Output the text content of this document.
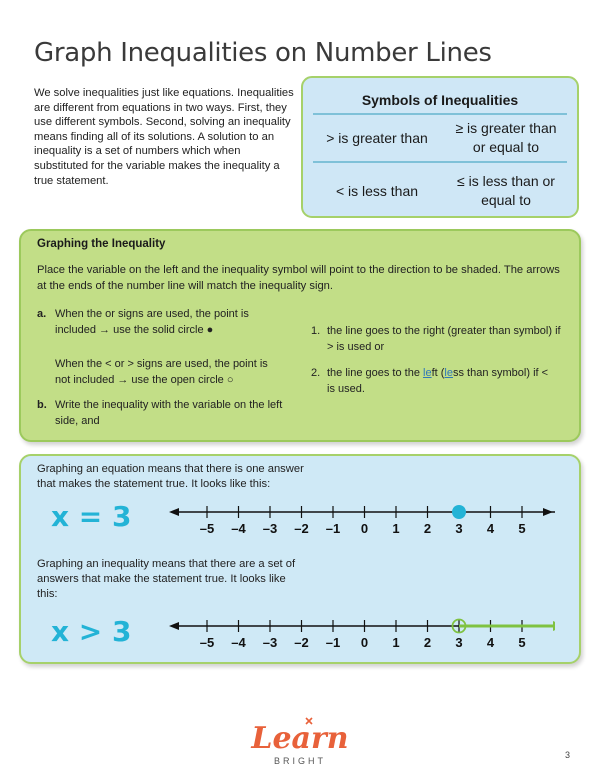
Graph Inequalities on Number Lines
We solve inequalities just like equations. Inequalities are different from equations in two ways. First, they use different symbols. Second, solving an inequality means finding all of its solutions. A solution to an inequality is a set of numbers which when substituted for the variable makes the inequality a true statement.
Symbols of Inequalities
> is greater than
≥ is greater than
or equal to
< is less than
≤ is less than or
equal to
Graphing the Inequality
Place the variable on the left and the inequality symbol will point to the direction to be shaded. The arrows at the ends of the number line will match the inequality sign.
a. When the or signs are used, the point is
included → use the solid circle ●
When the < or > signs are used, the point is
not included → use the open circle ○
b. Write the inequality with the variable on the left
side, and
1. the line goes to the right (greater than symbol) if
> is used or
2. the line goes to the left (less than symbol) if <
is used.
Graphing an equation means that there is one answer that makes the statement true. It looks like this:
x = 3	–5 –4 –3 –2 –1 0 1 2 3 4 5
Graphing an inequality means that there are a set of answers that make the statement true. It looks like this:
x > 3	–5 –4 –3 –2 –1 0 1 2 3 4 5
Learn
BRIGHT
3
